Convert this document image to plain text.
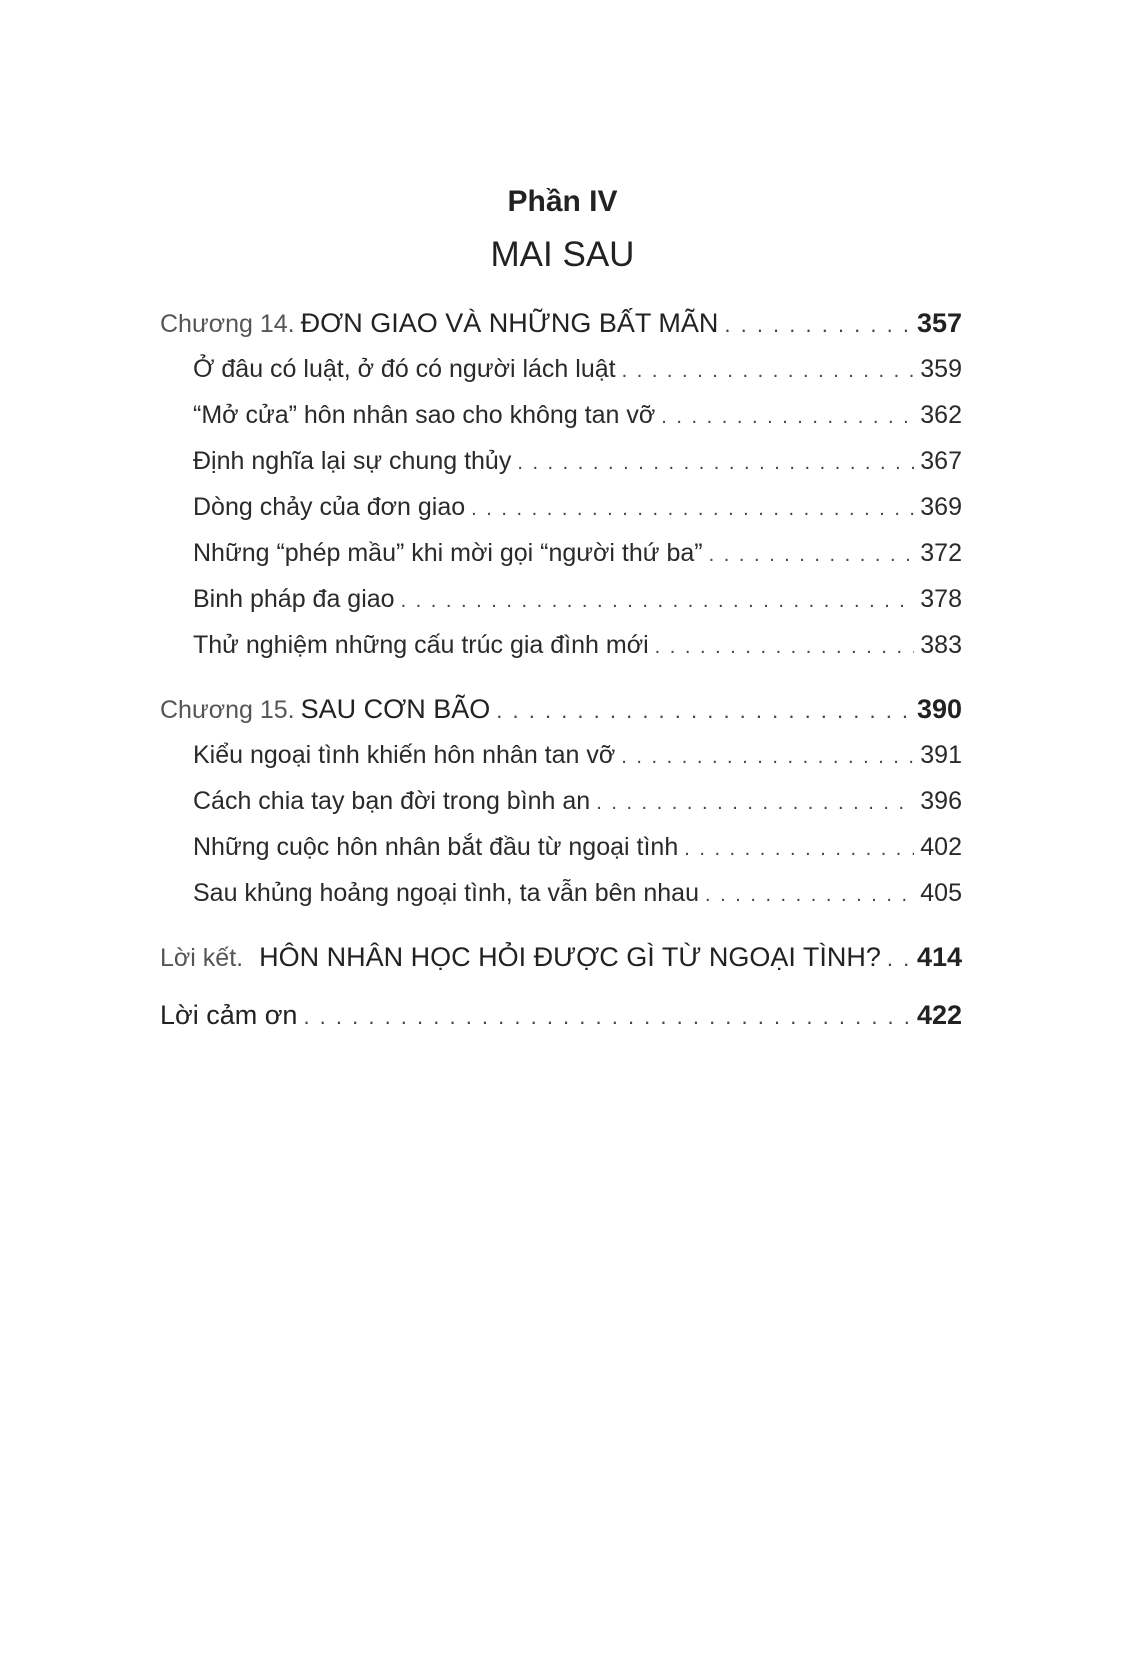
Phần IV
MAI SAU
Chương 14. ĐƠN GIAO VÀ NHỮNG BẤT MÃN . . .	357
Ở đâu có luật, ở đó có người lách luật . . .	359
“Mở cửa” hôn nhân sao cho không tan vỡ . . .	362
Định nghĩa lại sự chung thủy . . .	367
Dòng chảy của đơn giao . . .	369
Những “phép mầu” khi mời gọi “người thứ ba” . . .	372
Binh pháp đa giao . . .	378
Thử nghiệm những cấu trúc gia đình mới . . .	383
Chương 15. SAU CƠN BÃO . . .	390
Kiểu ngoại tình khiến hôn nhân tan vỡ . . .	391
Cách chia tay bạn đời trong bình an . . .	396
Những cuộc hôn nhân bắt đầu từ ngoại tình . . .	402
Sau khủng hoảng ngoại tình, ta vẫn bên nhau . . .	405
Lời kết. HÔN NHÂN HỌC HỎI ĐƯỢC GÌ TỪ NGOẠI TÌNH? . . . 414
Lời cảm ơn . . .	422
